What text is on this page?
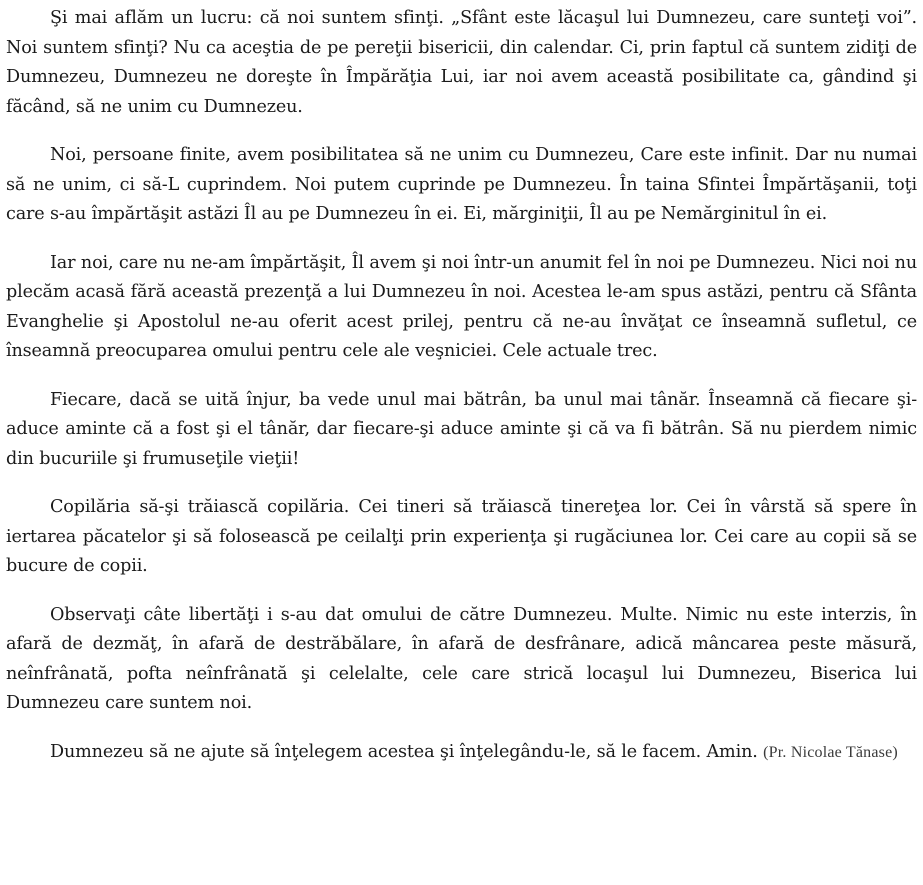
Şi mai aflăm un lucru: că noi suntem sfinţi. „Sfânt este lăcaşul lui Dumnezeu, care sunteţi voi”. Noi suntem sfinţi? Nu ca aceştia de pe pereţii bisericii, din calendar. Ci, prin faptul că suntem zidiţi de Dumnezeu, Dumnezeu ne doreşte în Împărăţia Lui, iar noi avem această posibilitate ca, gândind şi făcând, să ne unim cu Dumnezeu.

Noi, persoane finite, avem posibilitatea să ne unim cu Dumnezeu, Care este infinit. Dar nu numai să ne unim, ci să-L cuprindem. Noi putem cuprinde pe Dumnezeu. În taina Sfintei Împărtăşanii, toţi care s-au împărtăşit astăzi Îl au pe Dumnezeu în ei. Ei, mărginiţii, Îl au pe Nemărginitul în ei.

Iar noi, care nu ne-am împărtăşit, Îl avem şi noi într-un anumit fel în noi pe Dumnezeu. Nici noi nu plecăm acasă fără această prezenţă a lui Dumnezeu în noi. Acestea le-am spus astăzi, pentru că Sfânta Evanghelie şi Apostolul ne-au oferit acest prilej, pentru că ne-au învăţat ce înseamnă sufletul, ce înseamnă preocuparea omului pentru cele ale veşniciei. Cele actuale trec.

Fiecare, dacă se uită înjur, ba vede unul mai bătrân, ba unul mai tânăr. Înseamnă că fiecare şi-aduce aminte că a fost şi el tânăr, dar fiecare-şi aduce aminte şi că va fi bătrân. Să nu pierdem nimic din bucuriile şi frumuseţile vieţii!

Copilăria să-şi trăiască copilăria. Cei tineri să trăiască tinereţea lor. Cei în vârstă să spere în iertarea păcatelor şi să folosească pe ceilalţi prin experienţa şi rugăciunea lor. Cei care au copii să se bucure de copii.

Observaţi câte libertăţi i s-au dat omului de către Dumnezeu. Multe. Nimic nu este interzis, în afară de dezmăţ, în afară de destrăbălare, în afară de desfrânare, adică mâncarea peste măsură, neînfrânată, pofta neînfrânată şi celelalte, cele care strică locaşul lui Dumnezeu, Biserica lui Dumnezeu care suntem noi.

Dumnezeu să ne ajute să înţelegem acestea şi înţelegându-le, să le facem. Amin. (Pr. Nicolae Tănase)
